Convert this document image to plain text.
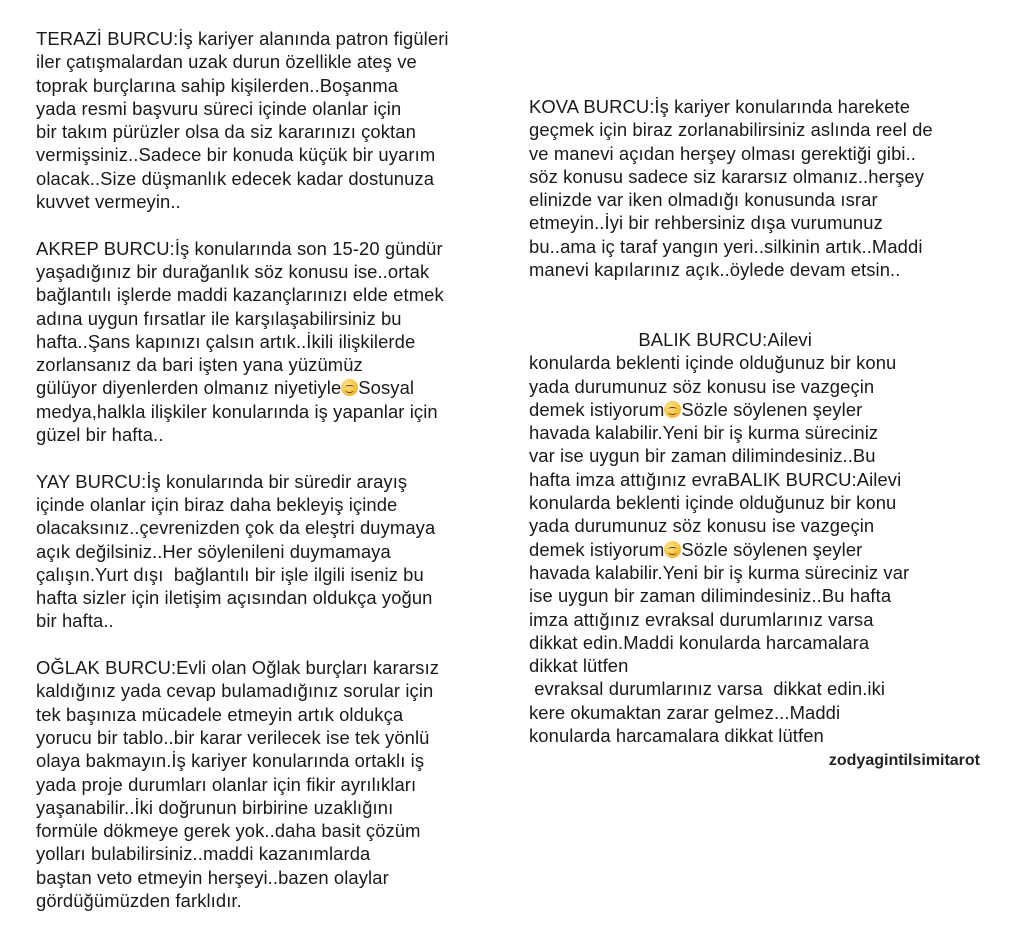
TERAZİ BURCU:İş kariyer alanında patron figüleri
iler çatışmalardan uzak durun özellikle ateş ve
toprak burçlarına sahip kişilerden..Boşanma
yada resmi başvuru süreci içinde olanlar için
bir takım pürüzler olsa da siz kararınızı çoktan
vermişsiniz..Sadece bir konuda küçük bir uyarım
olacak..Size düşmanlık edecek kadar dostunuza
kuvvet vermeyin..
AKREP BURCU:İş konularında son 15-20 gündür
yaşadığınız bir durağanlık söz konusu ise..ortak
bağlantılı işlerde maddi kazançlarınızı elde etmek
adına uygun fırsatlar ile karşılaşabilirsiniz bu
hafta..Şans kapınızı çalsın artık..İkili ilişkilerde
zorlansanız da bari işten yana yüzümüz
gülüyor diyenlerden olmanız niyetiyle Sosyal
medya,halkla ilişkiler konularında iş yapanlar için
güzel bir hafta..
YAY BURCU:İş konularında bir süredir arayış
içinde olanlar için biraz daha bekleyiş içinde
olacaksınız..çevrenizden çok da eleştri duymaya
açık değilsiniz..Her söylenileni duymamaya
çalışın.Yurt dışı  bağlantılı bir işle ilgili iseniz bu
hafta sizler için iletişim açısından oldukça yoğun
bir hafta..
OĞLAK BURCU:Evli olan Oğlak burçları kararsız
kaldığınız yada cevap bulamadığınız sorular için
tek başınıza mücadele etmeyin artık oldukça
yorucu bir tablo..bir karar verilecek ise tek yönlü
olaya bakmayın.İş kariyer konularında ortaklı iş
yada proje durumları olanlar için fikir ayrılıkları
yaşanabilir..İki doğrunun birbirine uzaklığını
formüle dökmeye gerek yok..daha basit çözüm
yolları bulabilirsiniz..maddi kazanımlarda
baştan veto etmeyin herşeyi..bazen olaylar
gördüğümüzden farklıdır.
KOVA BURCU:İş kariyer konularında harekete
geçmek için biraz zorlanabilirsiniz aslında reel de
ve manevi açıdan herşey olması gerektiği gibi..
söz konusu sadece siz kararsız olmanız..herşey
elinizde var iken olmadığı konusunda ısrar
etmeyin..İyi bir rehbersiniz dışa vurumunuz
bu..ama iç taraf yangın yeri..silkinin artık..Maddi
manevi kapılarınız açık..öylede devam etsin..
BALIK BURCU:Ailevi
konularda beklenti içinde olduğunuz bir konu
yada durumunuz söz konusu ise vazgeçin
demek istiyorum Sözle söylenen şeyler
havada kalabilir.Yeni bir iş kurma süreciniz
var ise uygun bir zaman dilimindesiniz..Bu
hafta imza attığınız evraBALIK BURCU:Ailevi
konularda beklenti içinde olduğunuz bir konu
yada durumunuz söz konusu ise vazgeçin
demek istiyorum Sözle söylenen şeyler
havada kalabilir.Yeni bir iş kurma süreciniz var
ise uygun bir zaman dilimindesiniz..Bu hafta
imza attığınız evraksal durumlarınız varsa
dikkat edin.Maddi konularda harcamalara
dikkat lütfen
evraksal durumlarınız varsa  dikkat edin.iki
kere okumaktan zarar gelmez...Maddi
konularda harcamalara dikkat lütfen
zodyagintilsimitarot
